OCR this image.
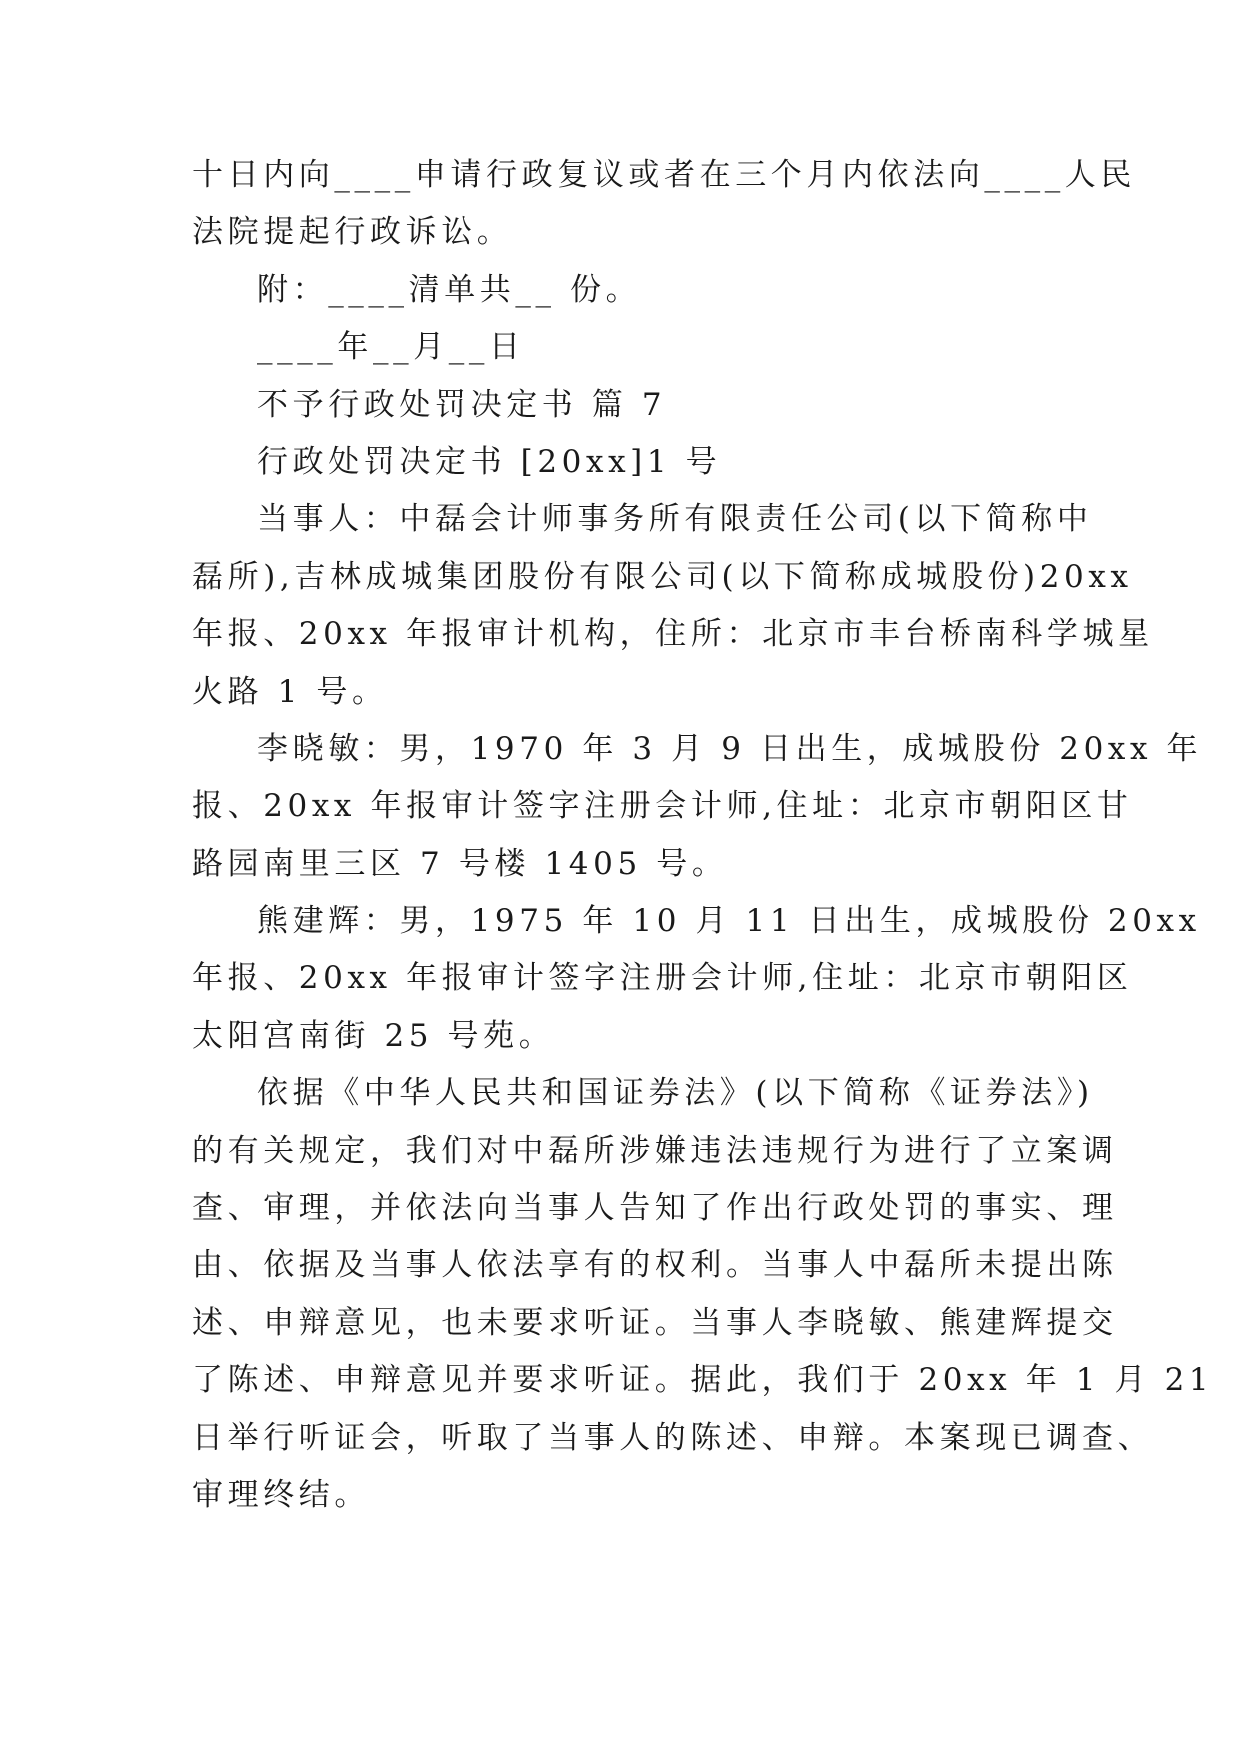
十日内向____申请行政复议或者在三个月内依法向____人民
法院提起行政诉讼。
附：____清单共__ 份。
____年__月__日
不予行政处罚决定书 篇 7
行政处罚决定书 [20xx]1 号
当事人：中磊会计师事务所有限责任公司(以下简称中
磊所),吉林成城集团股份有限公司(以下简称成城股份)20xx
年报、20xx 年报审计机构，住所：北京市丰台桥南科学城星
火路 1 号。
李晓敏：男，1970 年 3 月 9 日出生，成城股份 20xx 年
报、20xx 年报审计签字注册会计师,住址：北京市朝阳区甘
路园南里三区 7 号楼 1405 号。
熊建辉：男，1975 年 10 月 11 日出生，成城股份 20xx
年报、20xx 年报审计签字注册会计师,住址：北京市朝阳区
太阳宫南街 25 号苑。
依据《中华人民共和国证券法》(以下简称《证券法》)
的有关规定，我们对中磊所涉嫌违法违规行为进行了立案调
查、审理，并依法向当事人告知了作出行政处罚的事实、理
由、依据及当事人依法享有的权利。当事人中磊所未提出陈
述、申辩意见，也未要求听证。当事人李晓敏、熊建辉提交
了陈述、申辩意见并要求听证。据此，我们于 20xx 年 1 月 21
日举行听证会，听取了当事人的陈述、申辩。本案现已调查、
审理终结。
